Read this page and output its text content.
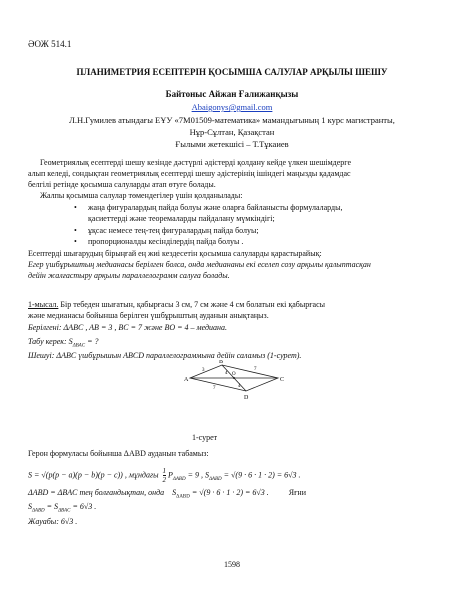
ӘОЖ 514.1
ПЛАНИМЕТРИЯ ЕСЕПТЕРІН ҚОСЫМША САЛУЛАР АРҚЫЛЫ ШЕШУ
Байтоныс Айжан Ғалижанқызы
Abaigonys@gmail.com
Л.Н.Гумилев атындағы ЕҰУ «7М01509-математика» мамандығының 1 курс магистранты,
Нұр-Сұлтан, Қазақстан
Ғылыми жетекшісі – Т.Тұкаиев
Геометриялық есептерді шешу кезінде дәстүрлі әдістерді қолдану кейде үлкен шешімдерге
алып келеді, сондықтан геометриялық есептерді шешу әдістерінің ішіндегі маңызды қадамдас
белгілі ретінде қосымша салуларды атап өтуге болады.
Жалпы қосымша салулар төмендегілер үшін қолданылады:
• жаңа фигуралардың пайда болуы және оларға байланысты формулаларды,
қасиеттерді және теоремаларды пайдалану мүмкіндігі;
• ұқсас немесе тең-тең фигуралардың пайда болуы;
• пропорционалды кесінділердің пайда болуы .
Есептерді шығарудың бірыңғай ең жиі кездесетін қосымша салуларды қарастырайық:
Егер үшбұрыштың медианасы берілген болса, онда медиананы екі еселеп созу арқылы қалыптасқан
дейін жалғастыру арқылы параллелограмм салуға болады.
1-мысал. Бір тебеден шығатын, қабырғасы 3 см, 7 см және 4 см болатын екі қабырғасы
және медианасы бойынша берілген үшбұрыштың ауданын анықтаңыз.
Берілгені: ΔABC , AB = 3 , BC = 7 және BO = 4 – медиана.
Табу керек: $S_{\Delta BAC}$ = ?
Шешуі: ΔABC үшбұрышын ABCD параллелограммына дейін саламыз (1-сурет).
A
B
C
D
O
3
4
4
7
7
1-сурет
Герон формуласы бойынша ΔABD ауданын табамыз:
S = √(p(p − a)(p − b)(p − c)) , мұндағы $\frac{1}{2} P_{\Delta ABD} = 9$ , $S_{\Delta ABD} = √(9 \cdot 6 \cdot 1 \cdot 2) = 6√3$ .
ΔABD = ΔBAC тең болғандықтан, онда $S_{\Delta ABD} = √(9 \cdot 6 \cdot 1 \cdot 2) = 6√3$ .	Яғни
$S_{\Delta ABD} = S_{\Delta BAC} = 6√3$ .
Жауабы: 6√3 .
1598
